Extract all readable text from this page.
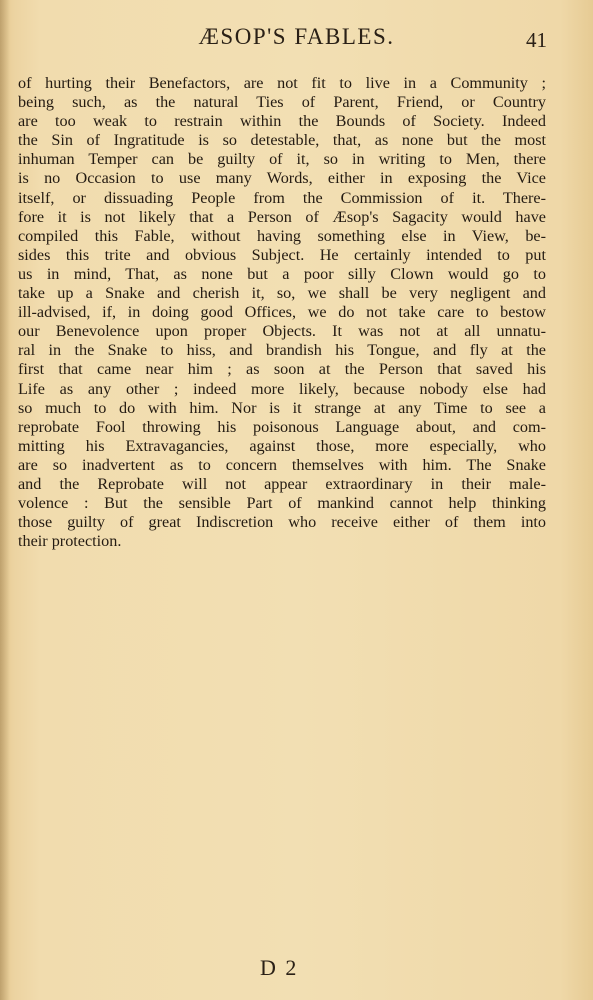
ÆSOP'S FABLES.	41
of hurting their Benefactors, are not fit to live in a Community ;
being such, as the natural Ties of Parent, Friend, or Country
are too weak to restrain within the Bounds of Society. Indeed
the Sin of Ingratitude is so detestable, that, as none but the most
inhuman Temper can be guilty of it, so in writing to Men, there
is no Occasion to use many Words, either in exposing the Vice
itself, or dissuading People from the Commission of it. There-
fore it is not likely that a Person of Æsop's Sagacity would have
compiled this Fable, without having something else in View, be-
sides this trite and obvious Subject. He certainly intended to put
us in mind, That, as none but a poor silly Clown would go to
take up a Snake and cherish it, so, we shall be very negligent and
ill-advised, if, in doing good Offices, we do not take care to bestow
our Benevolence upon proper Objects. It was not at all unnatu-
ral in the Snake to hiss, and brandish his Tongue, and fly at the
first that came near him ; as soon at the Person that saved his
Life as any other ; indeed more likely, because nobody else had
so much to do with him. Nor is it strange at any Time to see a
reprobate Fool throwing his poisonous Language about, and com-
mitting his Extravagancies, against those, more especially, who
are so inadvertent as to concern themselves with him. The Snake
and the Reprobate will not appear extraordinary in their male-
volence : But the sensible Part of mankind cannot help thinking
those guilty of great Indiscretion who receive either of them into
their protection.
D 2
